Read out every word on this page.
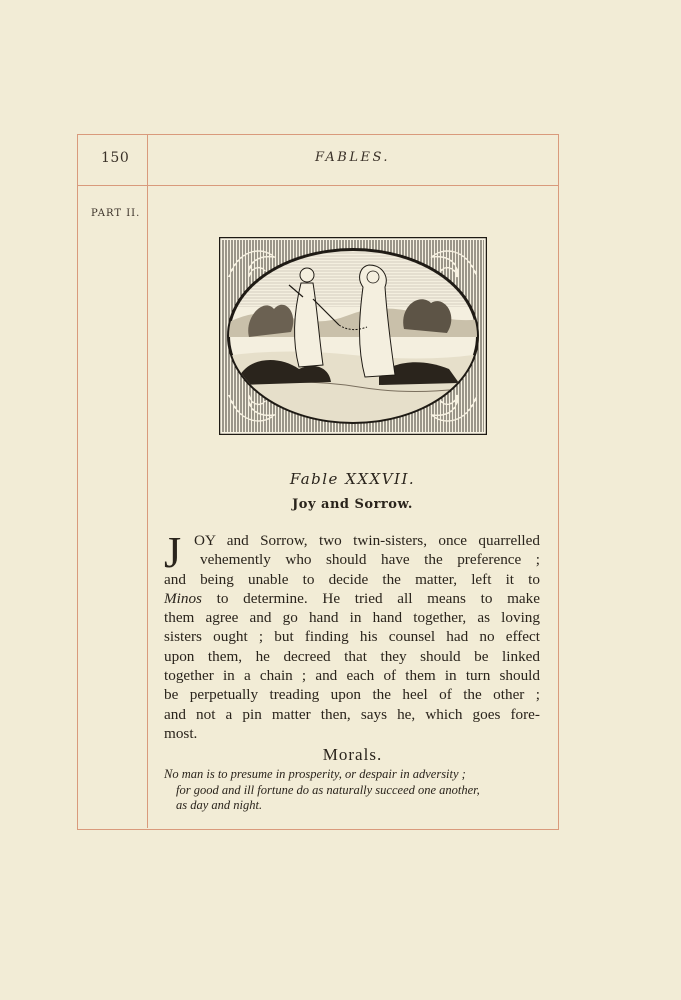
150	FABLES.
PART II.
Fable XXXVII.
Joy and Sorrow.
J OY and Sorrow, two twin-sisters, once quarrelled
vehemently who should have the preference ;
and being unable to decide the matter, left it to
Minos to determine. He tried all means to make
them agree and go hand in hand together, as loving
sisters ought ; but finding his counsel had no effect
upon them, he decreed that they should be linked
together in a chain ; and each of them in turn should
be perpetually treading upon the heel of the other ;
and not a pin matter then, says he, which goes fore-
most.
Morals.
No man is to presume in prosperity, or despair in adversity ;
for good and ill fortune do as naturally succeed one another,
as day and night.
